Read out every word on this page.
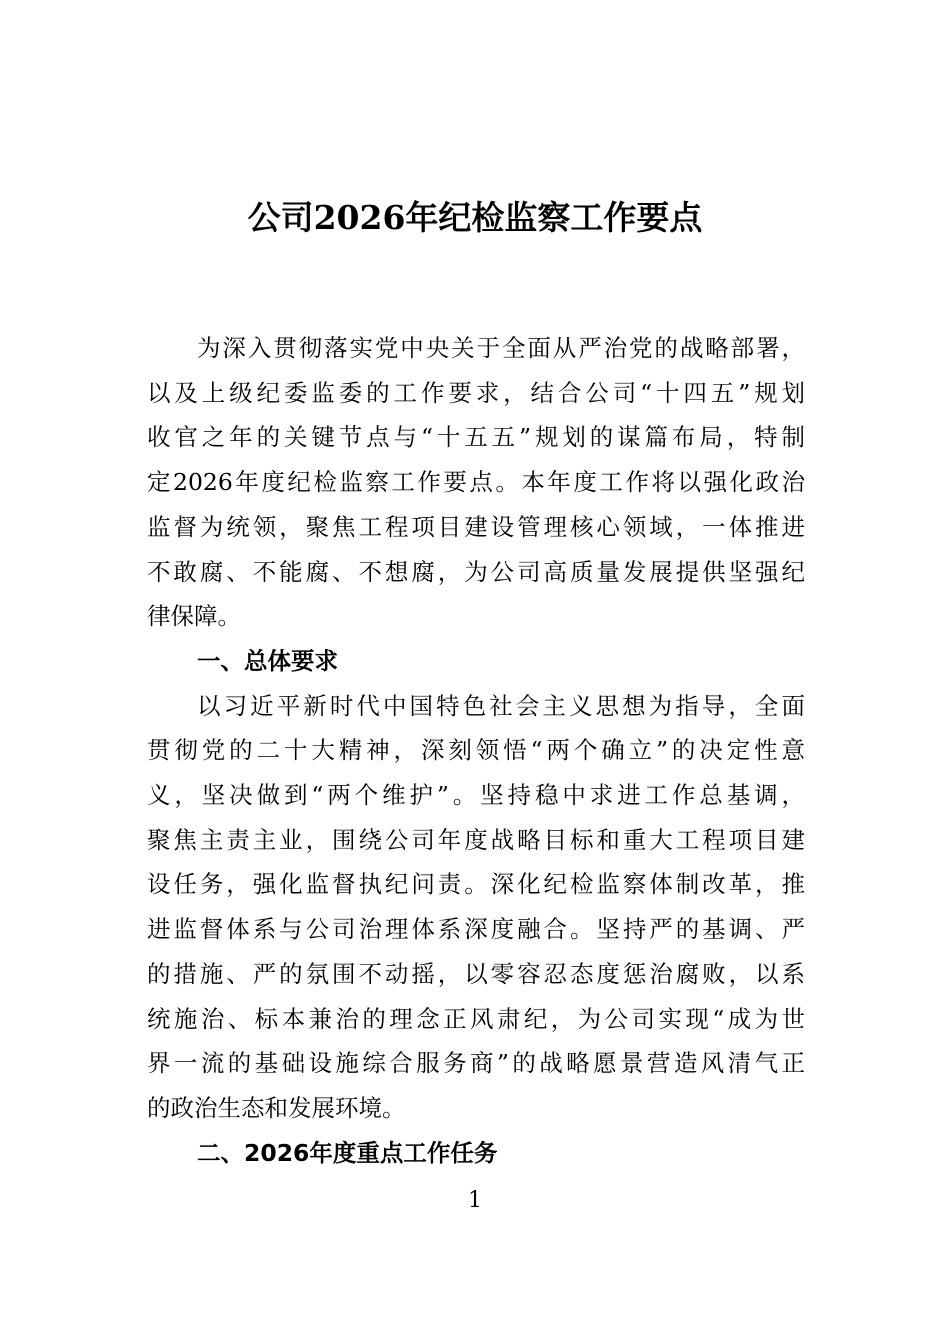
公司2026年纪检监察工作要点
为深入贯彻落实党中央关于全面从严治党的战略部署，
以及上级纪委监委的工作要求，结合公司“十四五”规划
收官之年的关键节点与“十五五”规划的谋篇布局，特制
定2026年度纪检监察工作要点。本年度工作将以强化政治
监督为统领，聚焦工程项目建设管理核心领域，一体推进
不敢腐、不能腐、不想腐，为公司高质量发展提供坚强纪
律保障。
一、总体要求
以习近平新时代中国特色社会主义思想为指导，全面
贯彻党的二十大精神，深刻领悟“两个确立”的决定性意
义，坚决做到“两个维护”。坚持稳中求进工作总基调，
聚焦主责主业，围绕公司年度战略目标和重大工程项目建
设任务，强化监督执纪问责。深化纪检监察体制改革，推
进监督体系与公司治理体系深度融合。坚持严的基调、严
的措施、严的氛围不动摇，以零容忍态度惩治腐败，以系
统施治、标本兼治的理念正风肃纪，为公司实现“成为世
界一流的基础设施综合服务商”的战略愿景营造风清气正
的政治生态和发展环境。
二、2026年度重点工作任务
1
